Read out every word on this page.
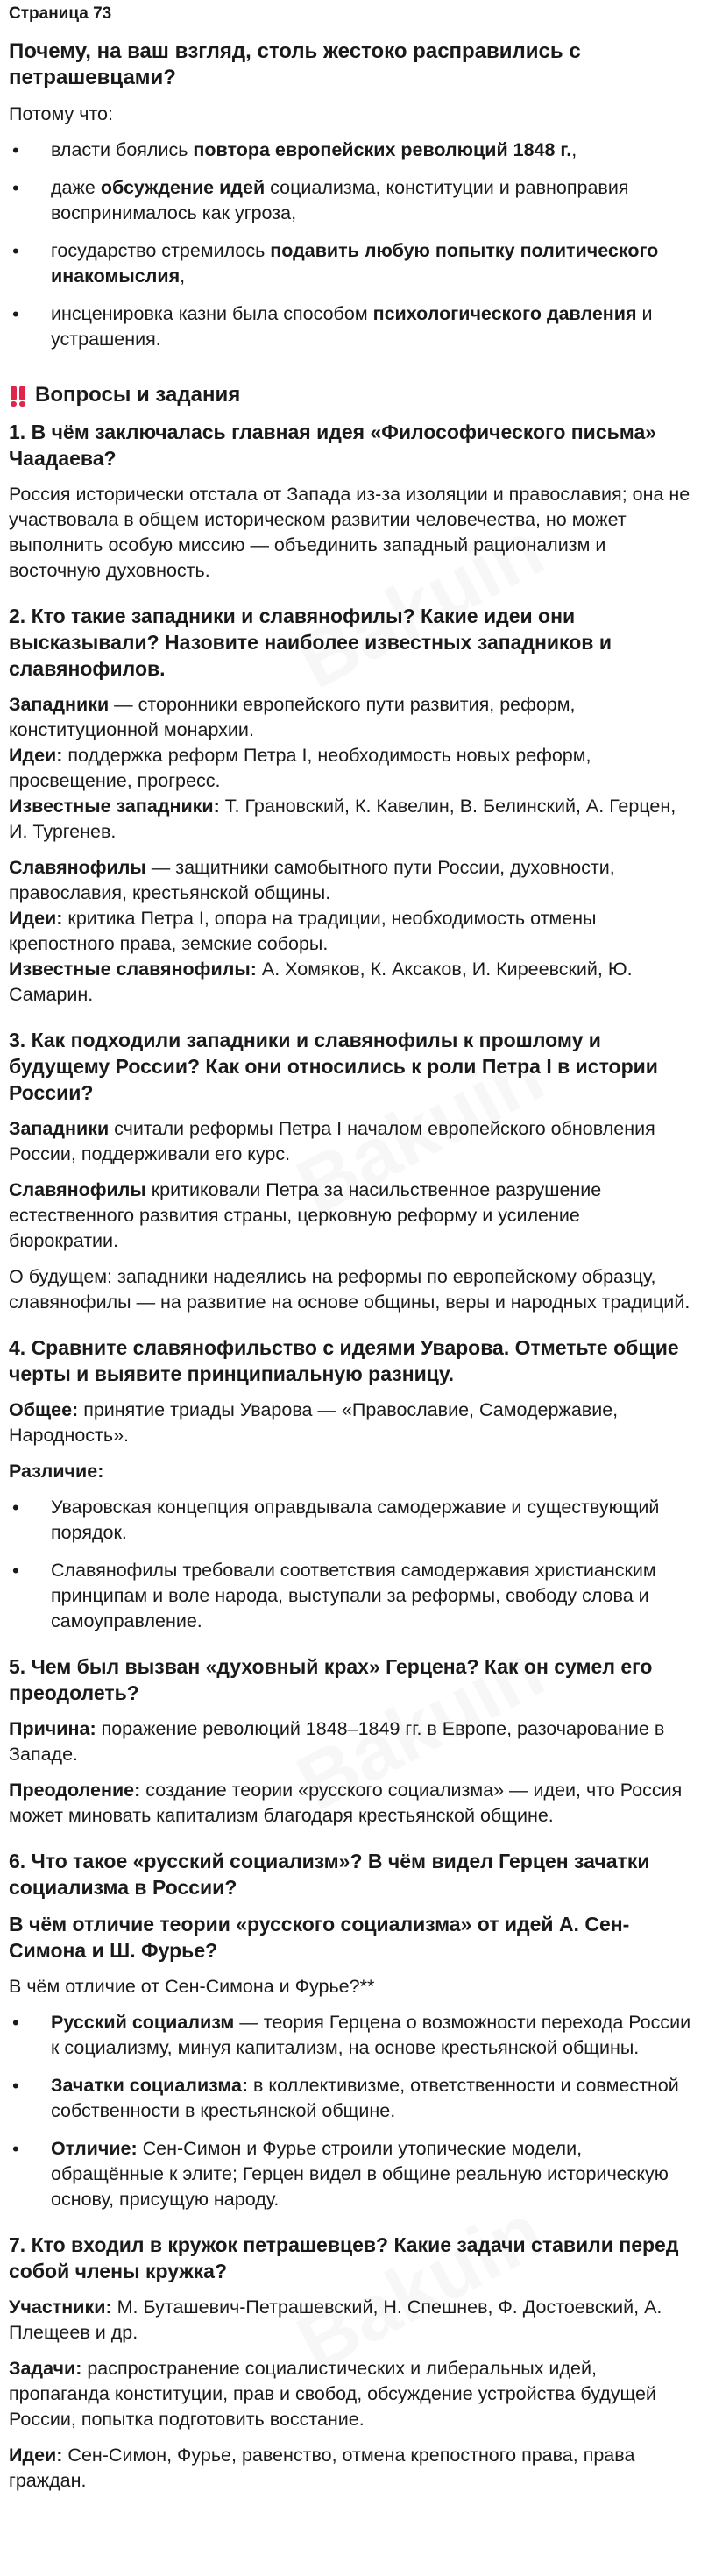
Страница 73
Почему, на ваш взгляд, столь жестоко расправились с петрашевцами?

Потому что:

• власти боялись повтора европейских революций 1848 г.,
• даже обсуждение идей социализма, конституции и равноправия воспринималось как угроза,
• государство стремилось подавить любую попытку политического инакомыслия,
• инсценировка казни была способом психологического давления и устрашения.
Вопросы и задания
1. В чём заключалась главная идея «Философического письма» Чаадаева?

Россия исторически отстала от Запада из-за изоляции и православия; она не участвовала в общем историческом развитии человечества, но может выполнить особую миссию — объединить западный рационализм и восточную духовность.

2. Кто такие западники и славянофилы? Какие идеи они высказывали? Назовите наиболее известных западников и славянофилов.

Западники — сторонники европейского пути развития, реформ, конституционной монархии.

Идеи: поддержка реформ Петра I, необходимость новых реформ, просвещение, прогресс.

Известные западники: Т. Грановский, К. Кавелин, В. Белинский, А. Герцен, И. Тургенев.

Славянофилы — защитники самобытного пути России, духовности, православия, крестьянской общины.

Идеи: критика Петра I, опора на традиции, необходимость отмены крепостного права, земские соборы.

Известные славянофилы: А. Хомяков, К. Аксаков, И. Киреевский, Ю. Самарин.

3. Как подходили западники и славянофилы к прошлому и будущему России? Как они относились к роли Петра I в истории России?

Западники считали реформы Петра I началом европейского обновления России, поддерживали его курс.

Славянофилы критиковали Петра за насильственное разрушение естественного развития страны, церковную реформу и усиление бюрократии.

О будущем: западники надеялись на реформы по европейскому образцу, славянофилы — на развитие на основе общины, веры и народных традиций.

4. Сравните славянофильство с идеями Уварова. Отметьте общие черты и выявите принципиальную разницу.

Общее: принятие триады Уварова — «Православие, Самодержавие, Народность».

Различие:

• Уваровская концепция оправдывала самодержавие и существующий порядок.
• Славянофилы требовали соответствия самодержавия христианским принципам и воле народа, выступали за реформы, свободу слова и самоуправление.
5. Чем был вызван «духовный крах» Герцена? Как он сумел его преодолеть?

Причина: поражение революций 1848–1849 гг. в Европе, разочарование в Западе.

Преодоление: создание теории «русского социализма» — идеи, что Россия может миновать капитализм благодаря крестьянской общине.

6. Что такое «русский социализм»? В чём видел Герцен зачатки социализма в России?
В чём отличие теории «русского социализма» от идей А. Сен-Симона и Ш. Фурье?

В чём отличие от Сен-Симона и Фурье?**

• Русский социализм — теория Герцена о возможности перехода России к социализму, минуя капитализм, на основе крестьянской общины.
• Зачатки социализма: в коллективизме, ответственности и совместной собственности в крестьянской общине.
• Отличие: Сен-Симон и Фурье строили утопические модели, обращённые к элите; Герцен видел в общине реальную историческую основу, присущую народу.
7. Кто входил в кружок петрашевцев? Какие задачи ставили перед собой члены кружка?

Участники: М. Буташевич-Петрашевский, Н. Спешнев, Ф. Достоевский, А. Плещеев и др.

Задачи: распространение социалистических и либеральных идей, пропаганда конституции, прав и свобод, обсуждение устройства будущей России, попытка подготовить восстание.

Идеи: Сен-Симон, Фурье, равенство, отмена крепостного права, права граждан.
